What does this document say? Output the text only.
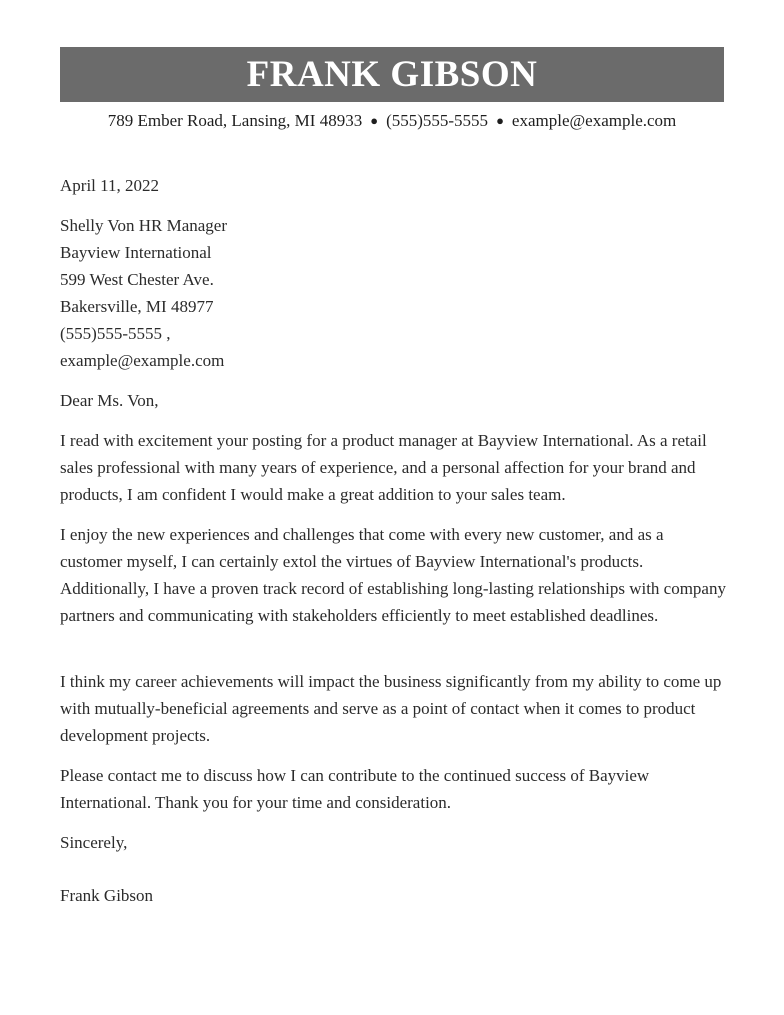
FRANK GIBSON
789 Ember Road, Lansing, MI 48933 ● (555)555-5555 ● example@example.com

April 11, 2022

Shelly Von HR Manager
Bayview International
599 West Chester Ave.
Bakersville, MI 48977
(555)555-5555 ,
example@example.com

Dear Ms. Von,

I read with excitement your posting for a product manager at Bayview International. As a retail sales professional with many years of experience, and a personal affection for your brand and products, I am confident I would make a great addition to your sales team.

I enjoy the new experiences and challenges that come with every new customer, and as a customer myself, I can certainly extol the virtues of Bayview International's products. Additionally, I have a proven track record of establishing long-lasting relationships with company partners and communicating with stakeholders efficiently to meet established deadlines.

I think my career achievements will impact the business significantly from my ability to come up with mutually-beneficial agreements and serve as a point of contact when it comes to product development projects.

Please contact me to discuss how I can contribute to the continued success of Bayview International. Thank you for your time and consideration.

Sincerely,

Frank Gibson
